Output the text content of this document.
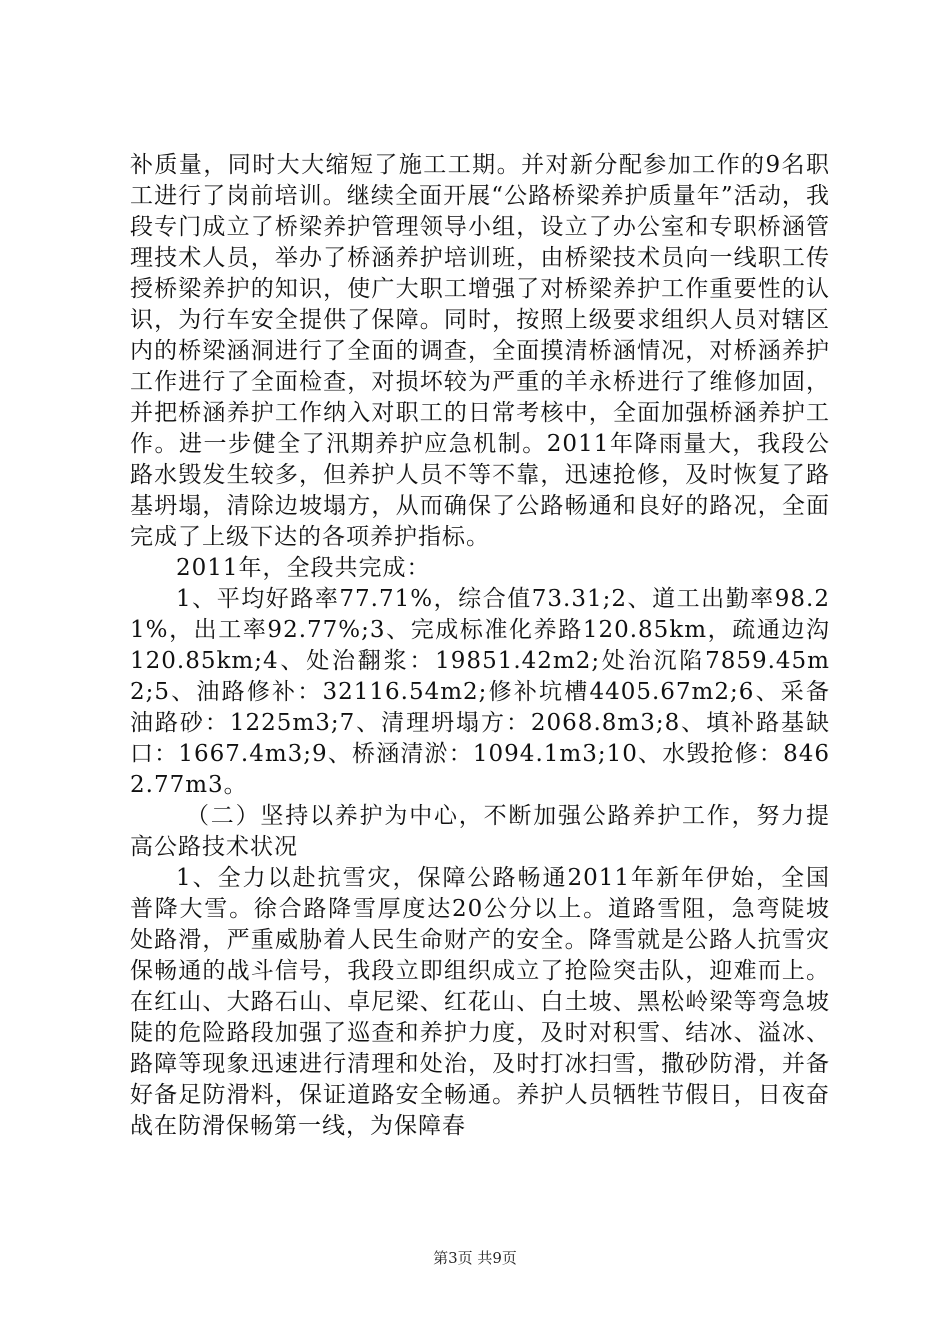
补质量，同时大大缩短了施工工期。并对新分配参加工作的9名职工进行了岗前培训。继续全面开展“公路桥梁养护质量年”活动，我段专门成立了桥梁养护管理领导小组，设立了办公室和专职桥涵管理技术人员，举办了桥涵养护培训班，由桥梁技术员向一线职工传授桥梁养护的知识，使广大职工增强了对桥梁养护工作重要性的认识，为行车安全提供了保障。同时，按照上级要求组织人员对辖区内的桥梁涵洞进行了全面的调查，全面摸清桥涵情况，对桥涵养护工作进行了全面检查，对损坏较为严重的羊永桥进行了维修加固，并把桥涵养护工作纳入对职工的日常考核中，全面加强桥涵养护工作。进一步健全了汛期养护应急机制。2011年降雨量大，我段公路水毁发生较多，但养护人员不等不靠，迅速抢修，及时恢复了路基坍塌，清除边坡塌方，从而确保了公路畅通和良好的路况，全面完成了上级下达的各项养护指标。

2011年，全段共完成：

1、平均好路率77.71%，综合值73.31;2、道工出勤率98.21%，出工率92.77%;3、完成标准化养路120.85km，疏通边沟120.85km;4、处治翻浆：19851.42m2;处治沉陷7859.45m2;5、油路修补：32116.54m2;修补坑槽4405.67m2;6、采备油路砂：1225m3;7、清理坍塌方：2068.8m3;8、填补路基缺口：1667.4m3;9、桥涵清淤：1094.1m3;10、水毁抢修：8462.77m3。

（二）坚持以养护为中心，不断加强公路养护工作，努力提高公路技术状况

1、全力以赴抗雪灾，保障公路畅通2011年新年伊始，全国普降大雪。徐合路降雪厚度达20公分以上。道路雪阻，急弯陡坡处路滑，严重威胁着人民生命财产的安全。降雪就是公路人抗雪灾保畅通的战斗信号，我段立即组织成立了抢险突击队，迎难而上。在红山、大路石山、卓尼梁、红花山、白土坡、黑松岭梁等弯急坡陡的危险路段加强了巡查和养护力度，及时对积雪、结冰、溢冰、路障等现象迅速进行清理和处治，及时打冰扫雪，撒砂防滑，并备好备足防滑料，保证道路安全畅通。养护人员牺牲节假日，日夜奋战在防滑保畅第一线，为保障春

第3页 共9页
